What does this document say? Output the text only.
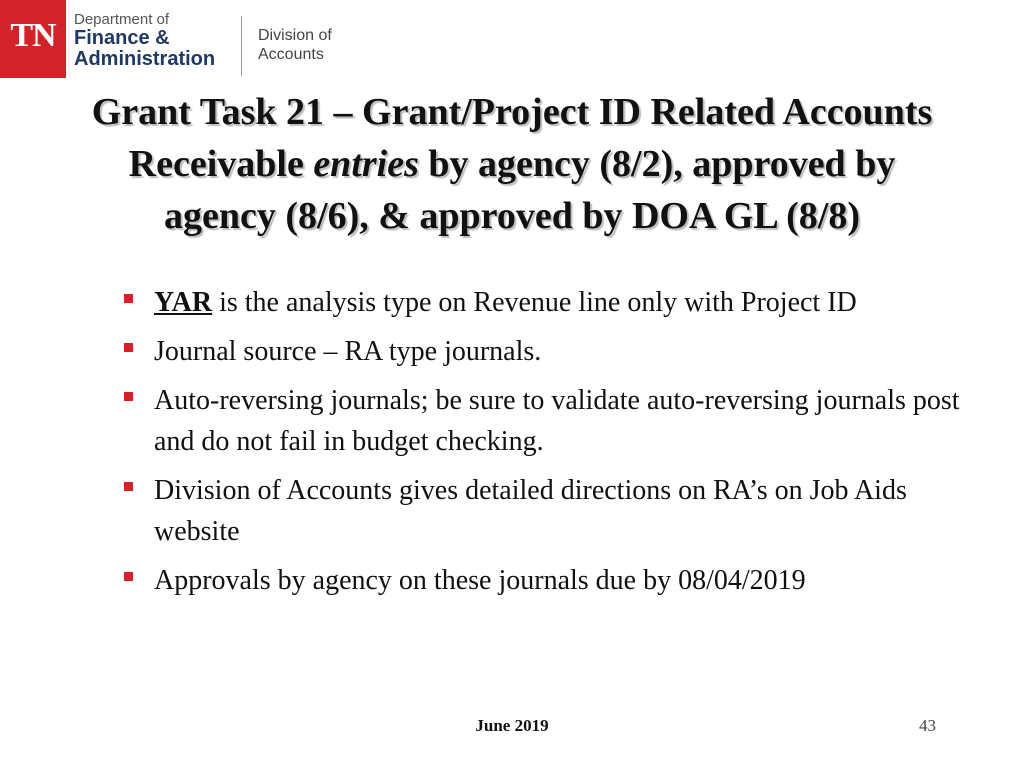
TN	Department of
Finance &
Administration
Division of
Accounts
Grant Task 21 – Grant/Project ID Related Accounts
Receivable entries by agency (8/2), approved by
agency (8/6), & approved by DOA GL (8/8)
YAR is the analysis type on Revenue line only with Project ID
Journal source – RA type journals.
Auto-reversing journals; be sure to validate auto-reversing journals post and do not fail in budget checking.
Division of Accounts gives detailed directions on RA’s on Job Aids website
Approvals by agency on these journals due by 08/04/2019
June 2019	43
